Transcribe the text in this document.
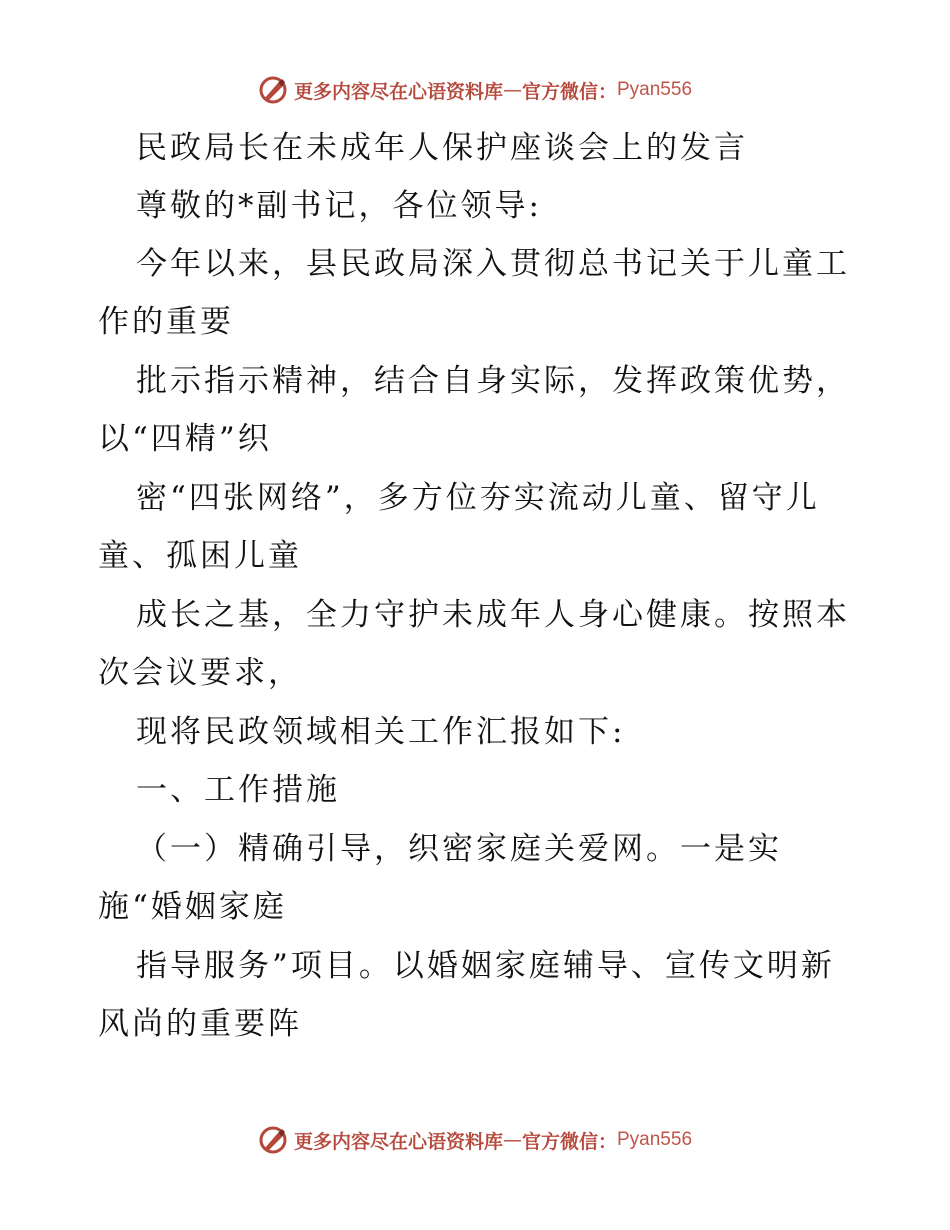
更多内容尽在心语资料库 — 官方微信： Pyan556
民政局长在未成年人保护座谈会上的发言
尊敬的*副书记，各位领导:
今年以来，县民政局深入贯彻总书记关于儿童工
作的重要
批示指示精神，结合自身实际，发挥政策优势，
以“四精”织
密“四张网络”，多方位夯实流动儿童、留守儿
童、孤困儿童
成长之基，全力守护未成年人身心健康。按照本
次会议要求，
现将民政领域相关工作汇报如下:
一、工作措施
（一）精确引导，织密家庭关爱网。一是实
施“婚姻家庭
指导服务”项目。以婚姻家庭辅导、宣传文明新
风尚的重要阵
更多内容尽在心语资料库 — 官方微信： Pyan556
